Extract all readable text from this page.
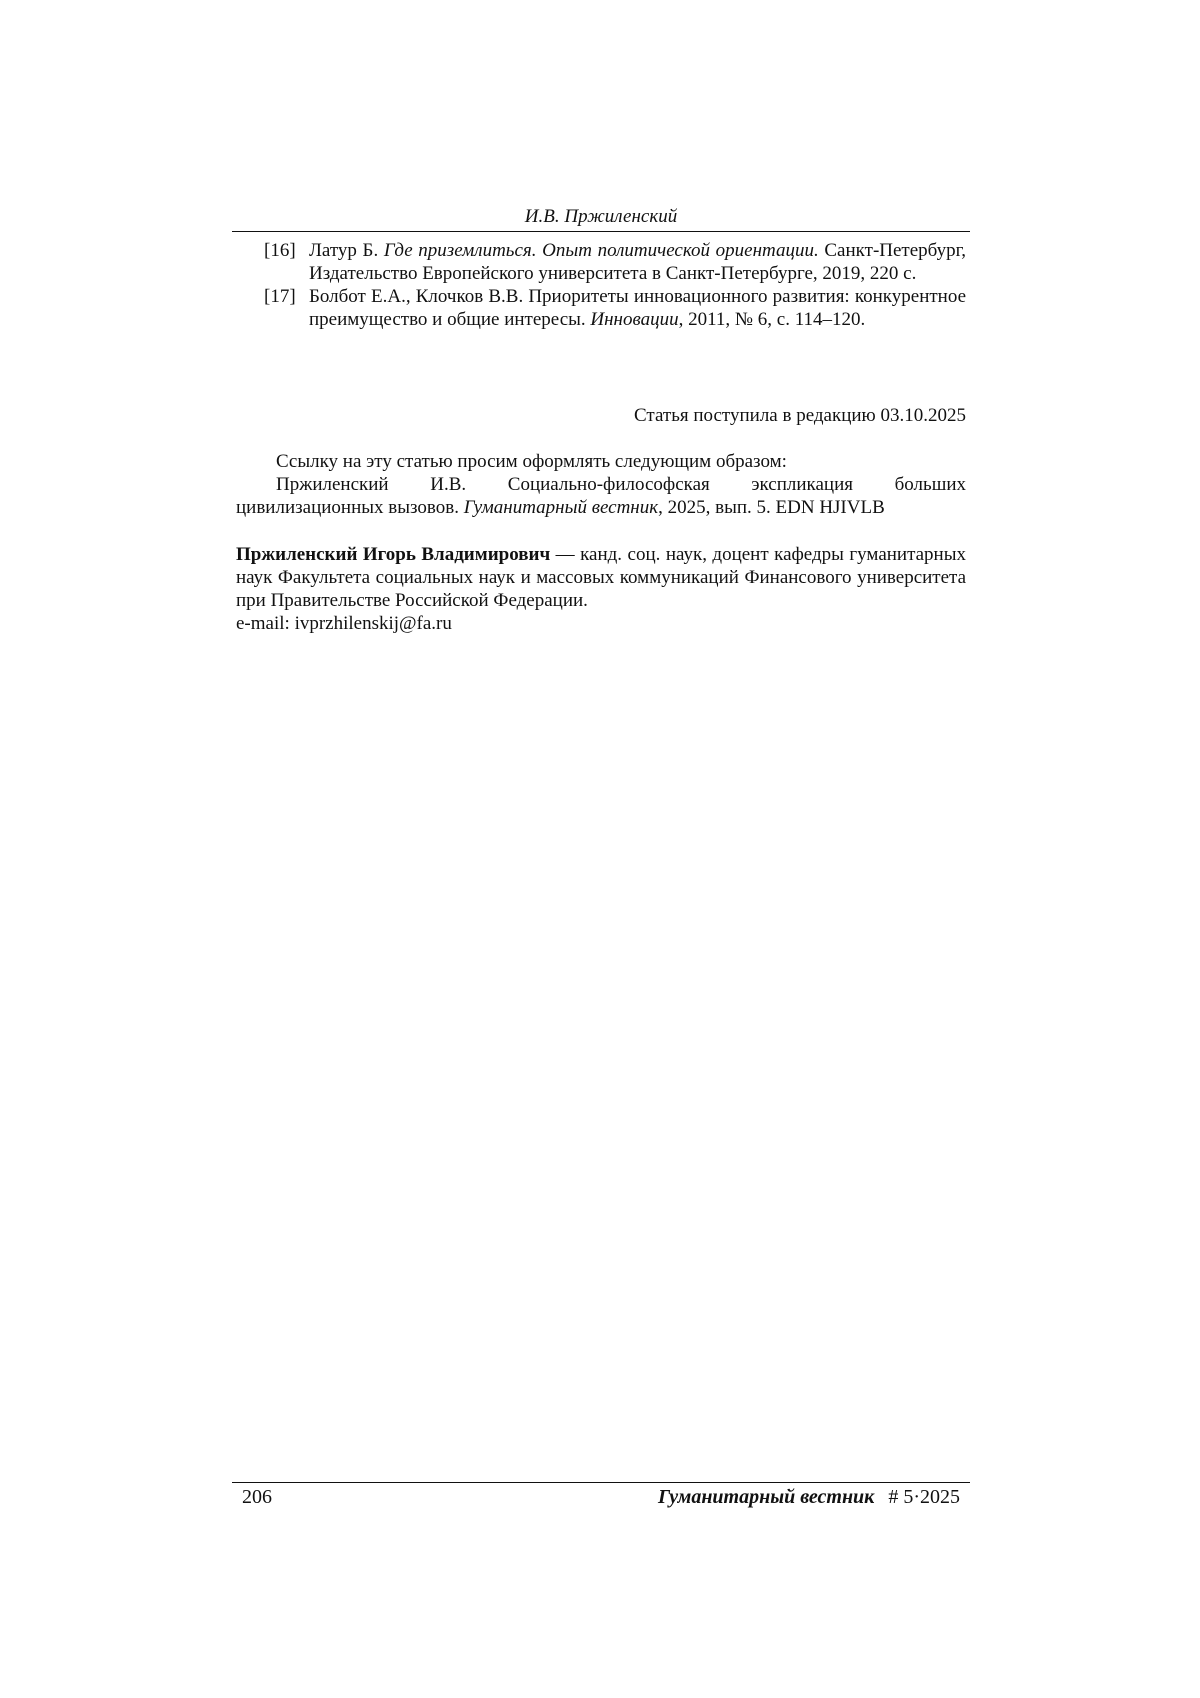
И.В. Пржиленский
[16] Латур Б. Где приземлиться. Опыт политической ориентации. Санкт-Петербург, Издательство Европейского университета в Санкт-Петербурге, 2019, 220 с.
[17] Болбот Е.А., Клочков В.В. Приоритеты инновационного развития: конкурентное преимущество и общие интересы. Инновации, 2011, № 6, с. 114–120.
Статья поступила в редакцию 03.10.2025
Ссылку на эту статью просим оформлять следующим образом:
Пржиленский И.В. Социально-философская экспликация больших цивилизационных вызовов. Гуманитарный вестник, 2025, вып. 5. EDN HJIVLB
Пржиленский Игорь Владимирович — канд. соц. наук, доцент кафедры гуманитарных наук Факультета социальных наук и массовых коммуникаций Финансового университета при Правительстве Российской Федерации.
e-mail: ivprzhilenskij@fa.ru
206	Гуманитарный вестник # 5·2025
